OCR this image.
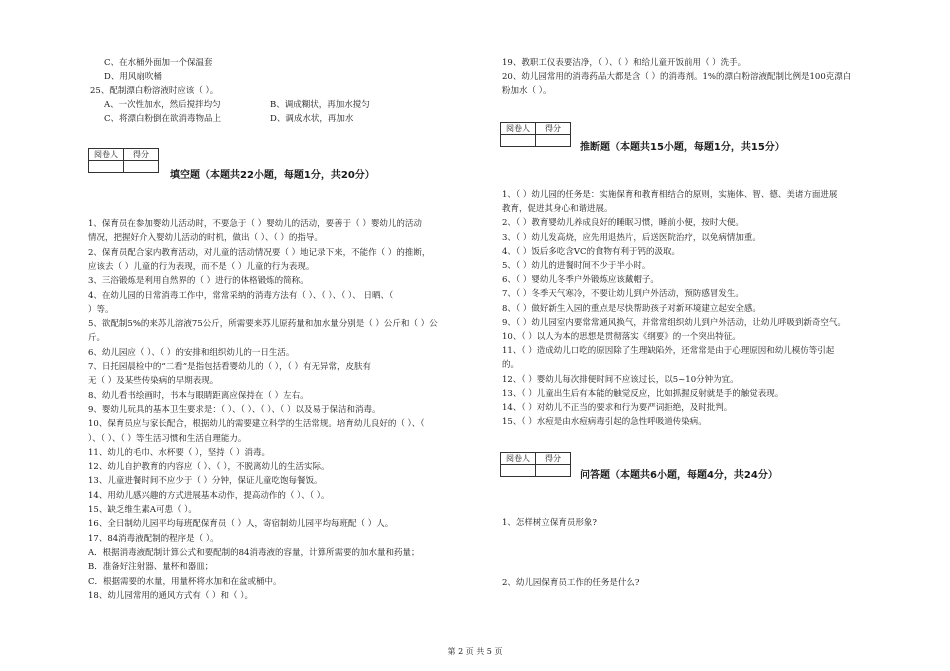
C、在水桶外面加一个保温套
D、用风扇吹桶
25、配制漂白粉溶液时应该（ ）。
A、一次性加水，然后搅拌均匀	B、调成糊状，再加水搅匀
C、将漂白粉倒在欲消毒物品上	D、调成水状，再加水
阅卷人	得分

填空题（本题共22小题，每题1分，共20分）
1、保育员在参加婴幼儿活动时，不要急于（ ）婴幼儿的活动，要善于（ ）婴幼儿的活动
情况，把握好介入婴幼儿活动的时机，做出（ ）、（ ）的指导。
2、保育员配合家内教育活动，对儿童的活动情况要（ ）地记录下来，不能作（ ）的推断，
应该去（ ）儿童的行为表现，而不是（ ）儿童的行为表现。
3、三浴锻炼是利用自然界的（ ）进行的体格锻炼的简称。
4、在幼儿园的日常消毒工作中，常常采纳的消毒方法有（ ）、（ ）、（ ）、 日晒、（
）等。
5、欲配制5%的来苏儿溶液75公斤，所需要来苏儿原药量和加水量分别是（ ）公斤和（ ）公
斤。
6、幼儿园应（ ）、（ ）的安排和组织幼儿的一日生活。
7、日托园晨检中的“二看”是指包括看婴幼儿的（ ），（ ）有无异常，皮肤有
无（ ）及某些传染病的早期表现。
8、幼儿看书绘画时，书本与眼睛距离应保持在（ ）左右。
9、婴幼儿玩具的基本卫生要求是：（ ）、（ ）、（ ）、（ ）以及易于保洁和消毒。
10、保育员应与家长配合，根据幼儿的需要建立科学的生活常规。培育幼儿良好的（ ）、（
）、（ ）、（ ）等生活习惯和生活自理能力。
11、幼儿的毛巾、水杯要（ ），坚持（ ）消毒。
12、幼儿自护教育的内容应（ ）、（ ），不脱离幼儿的生活实际。
13、儿童进餐时间不应少于（ ）分钟，保证儿童吃饱每餐饭。
14、用幼儿感兴趣的方式进展基本动作，提高动作的（ ）、（ ）。
15、缺乏维生素A可患（ ）。
16、全日制幼儿园平均每班配保育员（ ）人，寄宿制幼儿园平均每班配（ ）人。
17、84消毒液配制的程序是（ ）。
A．根据消毒液配制计算公式和要配制的84消毒液的容量，计算所需要的加水量和药量；
B．准备好注射器、量杯和器皿；
C．根据需要的水量，用量杯将水加和在盆或桶中。
18、幼儿园常用的通风方式有（ ）和（ ）。
19、教职工仪表要洁净，（ ）、（ ）和给儿童开饭前用（ ）洗手。
20、幼儿园常用的消毒药品大都是含（ ）的消毒剂。1%的漂白粉溶液配制比例是100克漂白
粉加水（ ）。
阅卷人	得分

推断题（本题共15小题，每题1分，共15分）
1、（ ）幼儿园的任务是：实施保育和教育相结合的原则，实施体、智、德、美诸方面进展
教育，促进其身心和谐进展。
2、（ ）教育婴幼儿养成良好的睡眠习惯，睡前小便，按时大便。
3、（ ）幼儿发高烧，应先用退热片，后送医院治疗，以免病情加重。
4、（ ）饭后多吃含VC的食物有利于钙的汲取。
5、（ ）幼儿的进餐时间不少于半小时。
6、（ ）婴幼儿冬季户外锻炼应该戴帽子。
7、（ ）冬季天气寒冷，不要让幼儿到户外活动，预防感冒发生。
8、（ ）做好新生入园的重点是尽快帮助孩子对新环境建立起安全感。
9、（ ）幼儿园室内要常常通风换气，并常常组织幼儿到户外活动，让幼儿呼吸到新奇空气。
10、（ ）以人为本的思想是贯彻落实《纲要》的一个突出特征。
11、（ ）造成幼儿口吃的原因除了生理缺陷外，还常常是由于心理原因和幼儿模仿等引起
的。
12、（ ）婴幼儿每次排便时间不应该过长，以5~10分钟为宜。
13、（ ）儿童出生后有本能的触觉反应，比如抓握反射就是手的触觉表现。
14、（ ）对幼儿不正当的要求和行为要严词拒绝，及时批判。
15、（ ）水痘是由水痘病毒引起的急性呼吸道传染病。
阅卷人	得分

问答题（本题共6小题，每题4分，共24分）
1、怎样树立保育员形象?
2、幼儿园保育员工作的任务是什么?
第 2 页 共 5 页
